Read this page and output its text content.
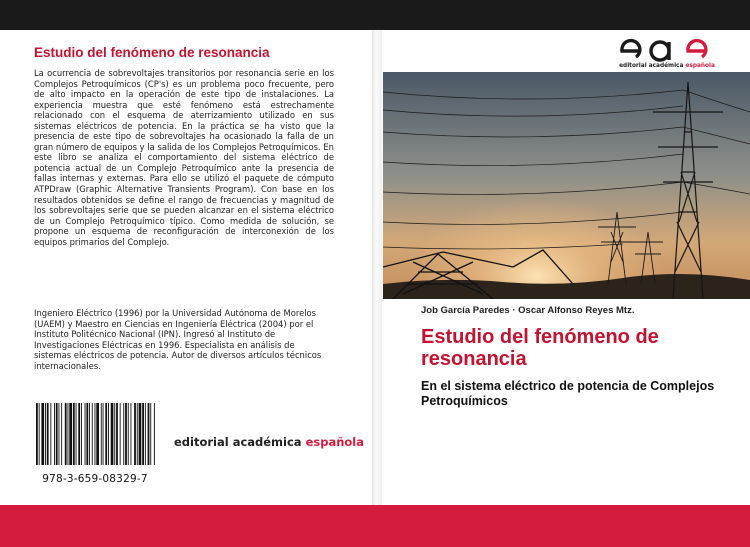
Estudio del fenómeno de resonancia

La ocurrencia de sobrevoltajes transitorios por resonancia serie en los Complejos Petroquímicos (CP's) es un problema poco frecuente, pero de alto impacto en la operación de este tipo de instalaciones. La experiencia muestra que esté fenómeno está estrechamente relacionado con el esquema de aterrizamiento utilizado en sus sistemas eléctricos de potencia. En la práctica se ha visto que la presencia de este tipo de sobrevoltajes ha ocasionado la falla de un gran número de equipos y la salida de los Complejos Petroquímicos. En este libro se analiza el comportamiento del sistema eléctrico de potencia actual de un Complejo Petroquímico ante la presencia de fallas internas y externas. Para ello se utilizó el paquete de cómputo ATPDraw (Graphic Alternative Transients Program). Con base en los resultados obtenidos se define el rango de frecuencias y magnitud de los sobrevoltajes serie que se pueden alcanzar en el sistema eléctrico de un Complejo Petroquímico típico. Como medida de solución, se propone un esquema de reconfiguración de interconexión de los equipos primarios del Complejo.

Ingeniero Eléctrico (1996) por la Universidad Autónoma de Morelos (UAEM) y Maestro en Ciencias en Ingeniería Eléctrica (2004) por el Instituto Politécnico Nacional (IPN). Ingresó al Instituto de Investigaciones Eléctricas en 1996. Especialista en análisis de sistemas eléctricos de potencia. Autor de diversos artículos técnicos internacionales.

978-3-659-08329-7
editorial académica española
editorial académica española
Job García Paredes · Oscar Alfonso Reyes Mtz.
Estudio del fenómeno de resonancia
En el sistema eléctrico de potencia de Complejos Petroquímicos
